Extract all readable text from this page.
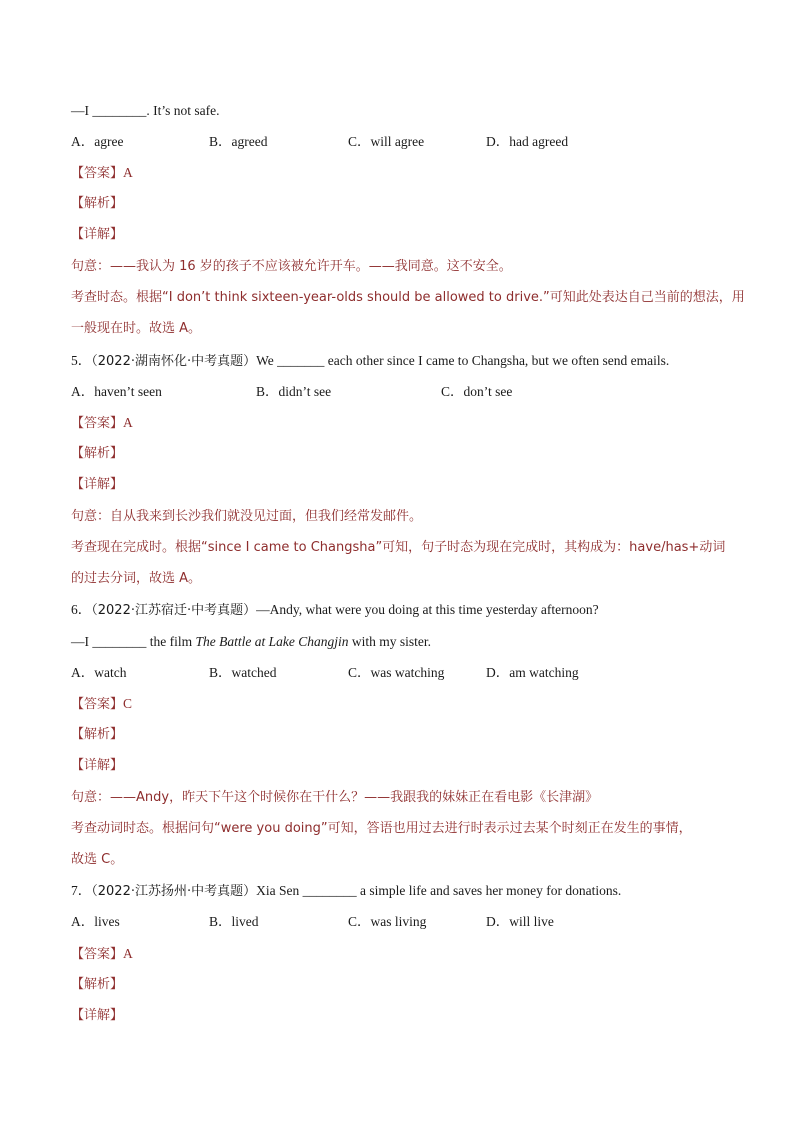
—I ________. It’s not safe.
A．agree	B．agreed	C．will agree	D．had agreed
【答案】A
【解析】
【详解】
句意：——我认为 16 岁的孩子不应该被允许开车。——我同意。这不安全。
考查时态。根据“I don’t think sixteen-year-olds should be allowed to drive.”可知此处表达自己当前的想法，用
一般现在时。故选 A。
5．（2022·湖南怀化·中考真题）We _______ each other since I came to Changsha, but we often send emails.
A．haven’t seen	B．didn’t see	C．don’t see
【答案】A
【解析】
【详解】
句意：自从我来到长沙我们就没见过面，但我们经常发邮件。
考查现在完成时。根据“since I came to Changsha”可知，句子时态为现在完成时，其构成为：have/has+动词
的过去分词，故选 A。
6．（2022·江苏宿迁·中考真题）—Andy, what were you doing at this time yesterday afternoon?
—I ________ the film The Battle at Lake Changjin with my sister.
A．watch	B．watched	C．was watching	D．am watching
【答案】C
【解析】
【详解】
句意：——Andy，昨天下午这个时候你在干什么？——我跟我的妹妹正在看电影《长津湖》
考查动词时态。根据问句“were you doing”可知，答语也用过去进行时表示过去某个时刻正在发生的事情，
故选 C。
7．（2022·江苏扬州·中考真题）Xia Sen ________ a simple life and saves her money for donations.
A．lives	B．lived	C．was living	D．will live
【答案】A
【解析】
【详解】
